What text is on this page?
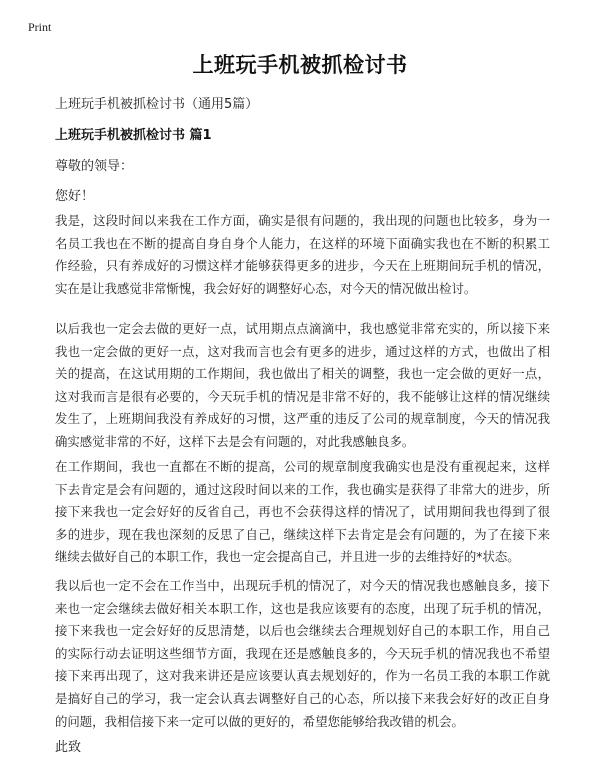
Print
上班玩手机被抓检讨书
上班玩手机被抓检讨书（通用5篇）
上班玩手机被抓检讨书 篇1
尊敬的领导：
您好！

我是，这段时间以来我在工作方面，确实是很有问题的，我出现的问题也比较多，身为一名员工我也在不断的提高自身自身个人能力，在这样的环境下面确实我也在不断的积累工作经验，只有养成好的习惯这样才能够获得更多的进步，今天在上班期间玩手机的情况，实在是让我感觉非常惭愧，我会好好的调整好心态，对今天的情况做出检讨。

以后我也一定会去做的更好一点，试用期点点滴滴中，我也感觉非常充实的，所以接下来我也一定会做的更好一点，这对我而言也会有更多的进步，通过这样的方式，也做出了相关的提高，在这试用期的工作期间，我也做出了相关的调整，我也一定会做的更好一点，这对我而言是很有必要的，今天玩手机的情况是非常不好的，我不能够让这样的情况继续发生了，上班期间我没有养成好的习惯，这严重的违反了公司的规章制度，今天的情况我确实感觉非常的不好，这样下去是会有问题的，对此我感触良多。

在工作期间，我也一直都在不断的提高，公司的规章制度我确实也是没有重视起来，这样下去肯定是会有问题的，通过这段时间以来的工作，我也确实是获得了非常大的进步，所接下来我也一定会好好的反省自己，再也不会获得这样的情况了，试用期间我也得到了很多的进步，现在我也深刻的反思了自己，继续这样下去肯定是会有问题的，为了在接下来继续去做好自己的本职工作，我也一定会提高自己，并且进一步的去维持好的*状态。

我以后也一定不会在工作当中，出现玩手机的情况了，对今天的情况我也感触良多，接下来也一定会继续去做好相关本职工作，这也是我应该要有的态度，出现了玩手机的情况，接下来我也一定会好好的反思清楚，以后也会继续去合理规划好自己的本职工作，用自己的实际行动去证明这些细节方面，我现在还是感触良多的，今天玩手机的情况我也不希望接下来再出现了，这对我来讲还是应该要认真去规划好的，作为一名员工我的本职工作就是搞好自己的学习，我一定会认真去调整好自己的心态，所以接下来我会好好的改正自身的问题，我相信接下来一定可以做的更好的，希望您能够给我改错的机会。

此致
